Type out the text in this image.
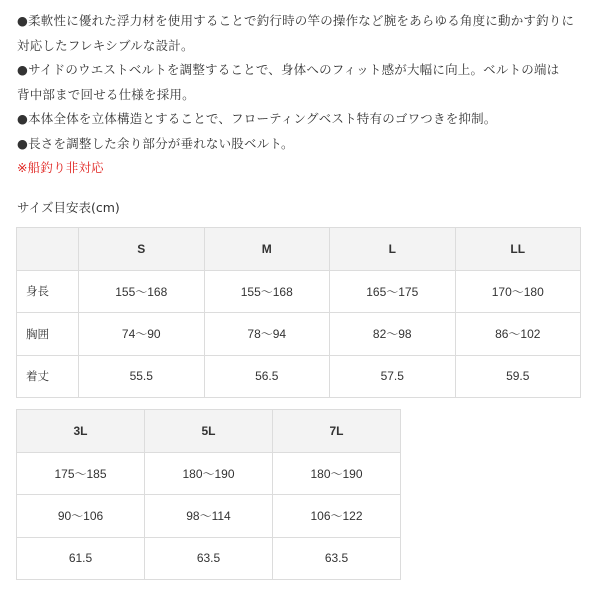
●柔軟性に優れた浮力材を使用することで釣行時の竿の操作など腕をあらゆる角度に動かす釣りに

対応したフレキシブルな設計。

●サイドのウエストベルトを調整することで、身体へのフィット感が大幅に向上。ベルトの端は

背中部まで回せる仕様を採用。

●本体全体を立体構造とすることで、フローティングベスト特有のゴワつきを抑制。

●長さを調整した余り部分が垂れない股ベルト。

※船釣り非対応

サイズ目安表(cm)
	S	M	L	LL
身長	155〜168	155〜168	165〜175	170〜180
胸囲	74〜90	78〜94	82〜98	86〜102
着丈	55.5	56.5	57.5	59.5
3L	5L	7L
175〜185	180〜190	180〜190
90〜106	98〜114	106〜122
61.5	63.5	63.5
